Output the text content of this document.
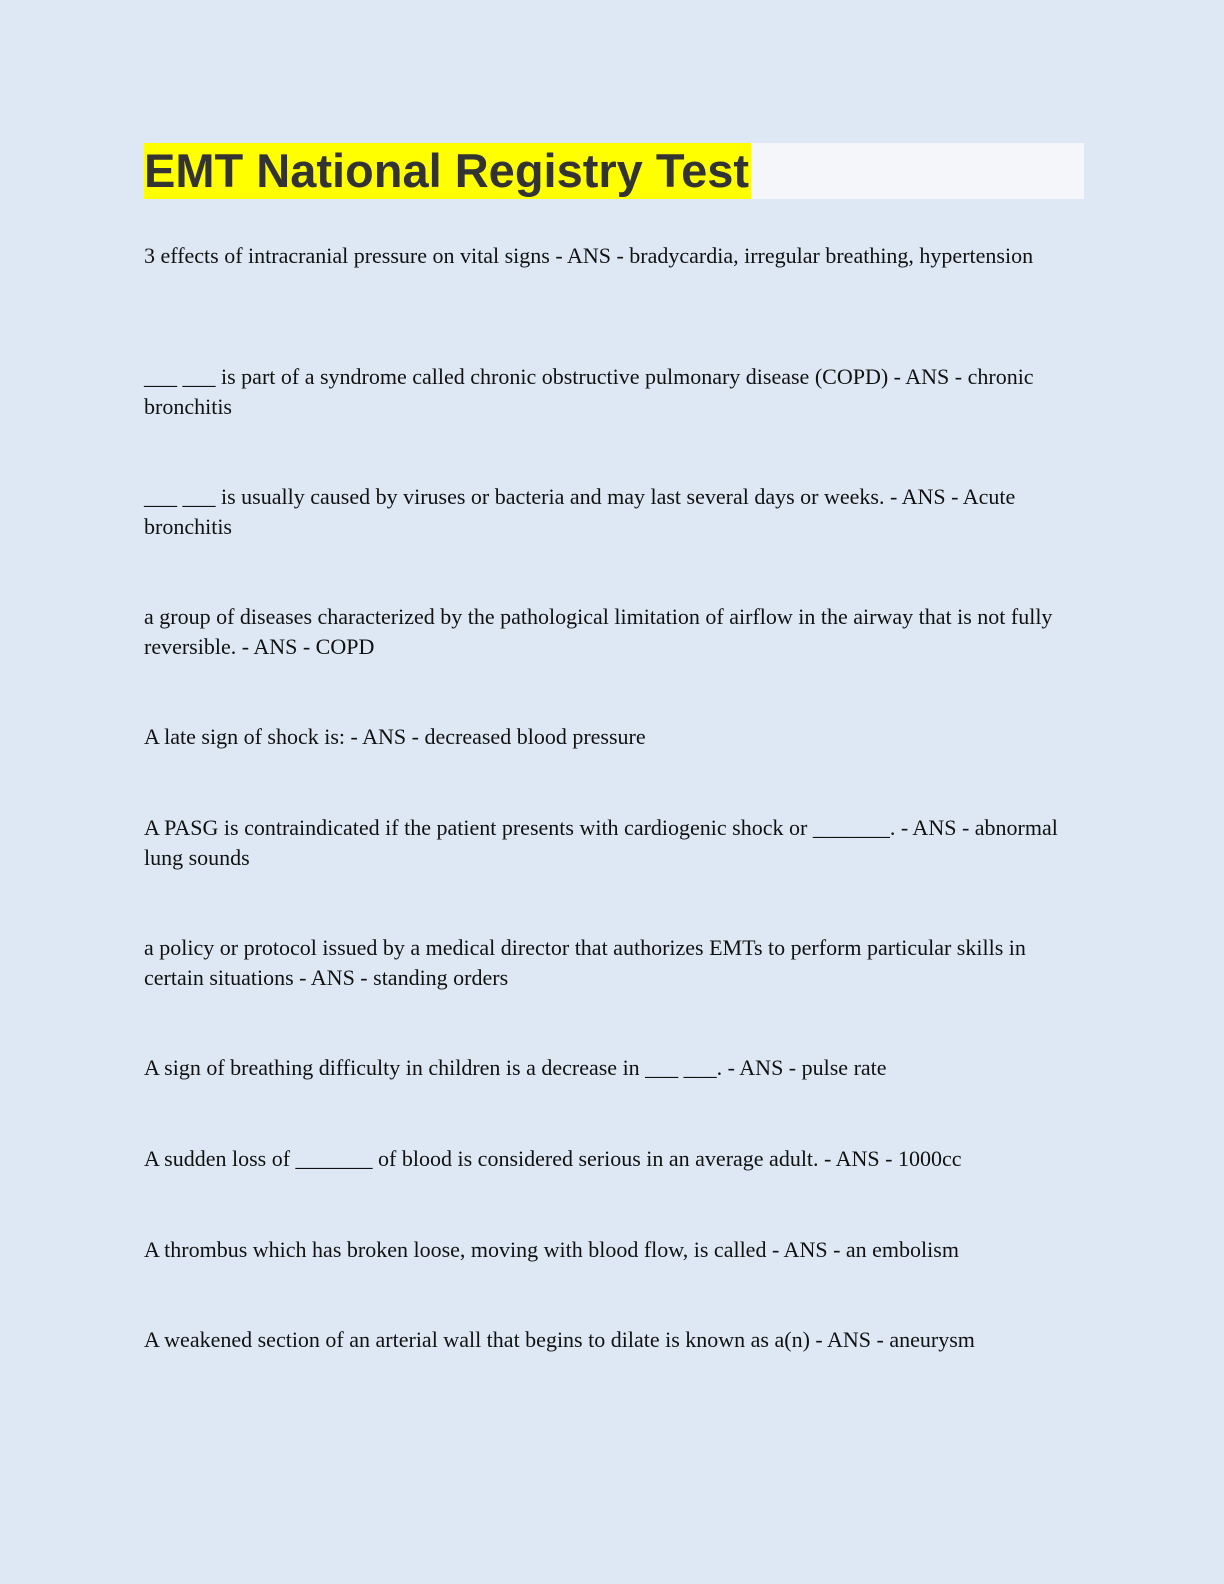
EMT National Registry Test

3 effects of intracranial pressure on vital signs - ANS - bradycardia, irregular breathing, hypertension

___ ___ is part of a syndrome called chronic obstructive pulmonary disease (COPD) - ANS - chronic bronchitis

___ ___ is usually caused by viruses or bacteria and may last several days or weeks. - ANS - Acute bronchitis

a group of diseases characterized by the pathological limitation of airflow in the airway that is not fully reversible. - ANS - COPD

A late sign of shock is: - ANS - decreased blood pressure

A PASG is contraindicated if the patient presents with cardiogenic shock or _______. - ANS - abnormal lung sounds

a policy or protocol issued by a medical director that authorizes EMTs to perform particular skills in certain situations - ANS - standing orders

A sign of breathing difficulty in children is a decrease in ___ ___. - ANS - pulse rate

A sudden loss of _______ of blood is considered serious in an average adult. - ANS - 1000cc

A thrombus which has broken loose, moving with blood flow, is called - ANS - an embolism

A weakened section of an arterial wall that begins to dilate is known as a(n) - ANS - aneurysm
